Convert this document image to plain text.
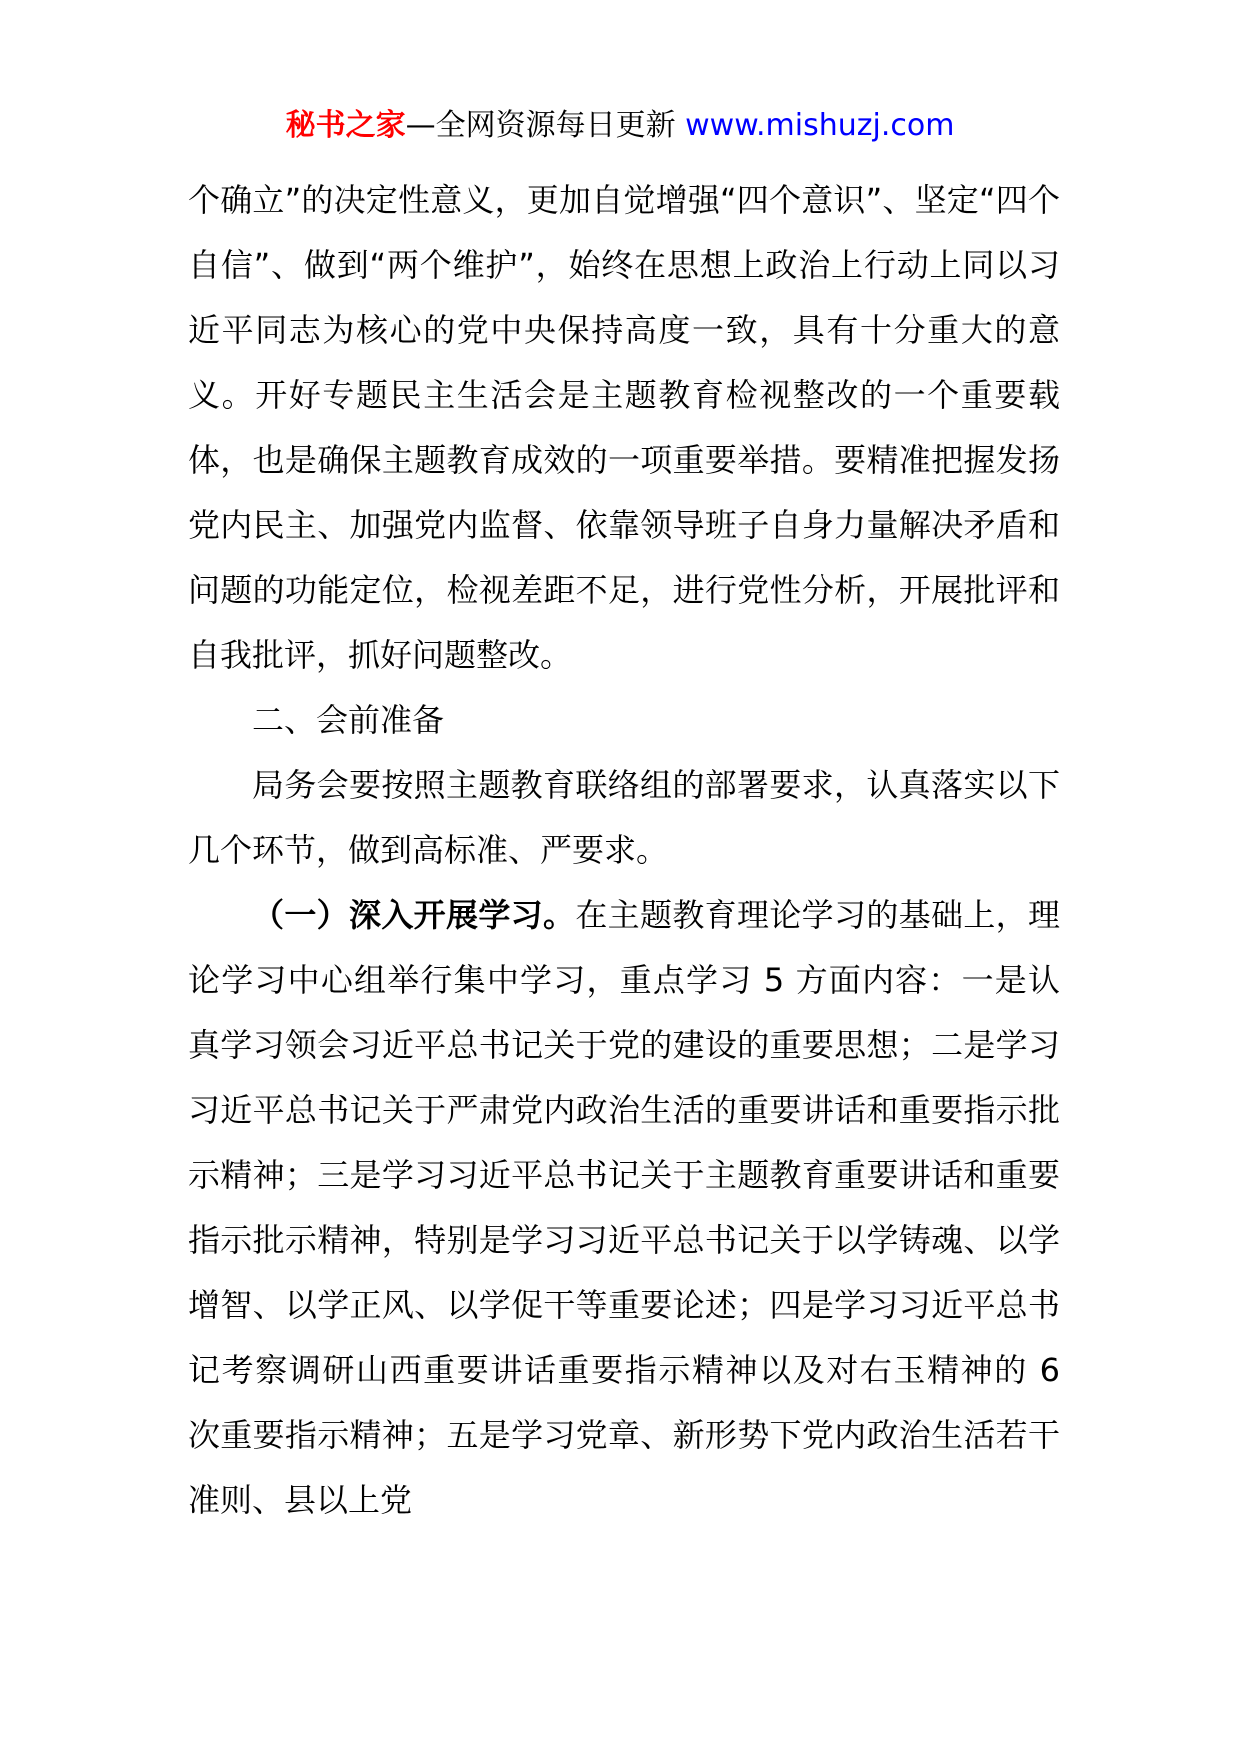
秘书之家—全网资源每日更新 www.mishuzj.com

个确立”的决定性意义，更加自觉增强“四个意识”、坚定“四个自信”、做到“两个维护”，始终在思想上政治上行动上同以习近平同志为核心的党中央保持高度一致，具有十分重大的意义。开好专题民主生活会是主题教育检视整改的一个重要载体，也是确保主题教育成效的一项重要举措。要精准把握发扬党内民主、加强党内监督、依靠领导班子自身力量解决矛盾和问题的功能定位，检视差距不足，进行党性分析，开展批评和自我批评，抓好问题整改。

二、会前准备

局务会要按照主题教育联络组的部署要求，认真落实以下几个环节，做到高标准、严要求。

（一）深入开展学习。在主题教育理论学习的基础上，理论学习中心组举行集中学习，重点学习 5 方面内容：一是认真学习领会习近平总书记关于党的建设的重要思想；二是学习习近平总书记关于严肃党内政治生活的重要讲话和重要指示批示精神；三是学习习近平总书记关于主题教育重要讲话和重要指示批示精神，特别是学习习近平总书记关于以学铸魂、以学增智、以学正风、以学促干等重要论述；四是学习习近平总书记考察调研山西重要讲话重要指示精神以及对右玉精神的 6 次重要指示精神；五是学习党章、新形势下党内政治生活若干准则、县以上党
